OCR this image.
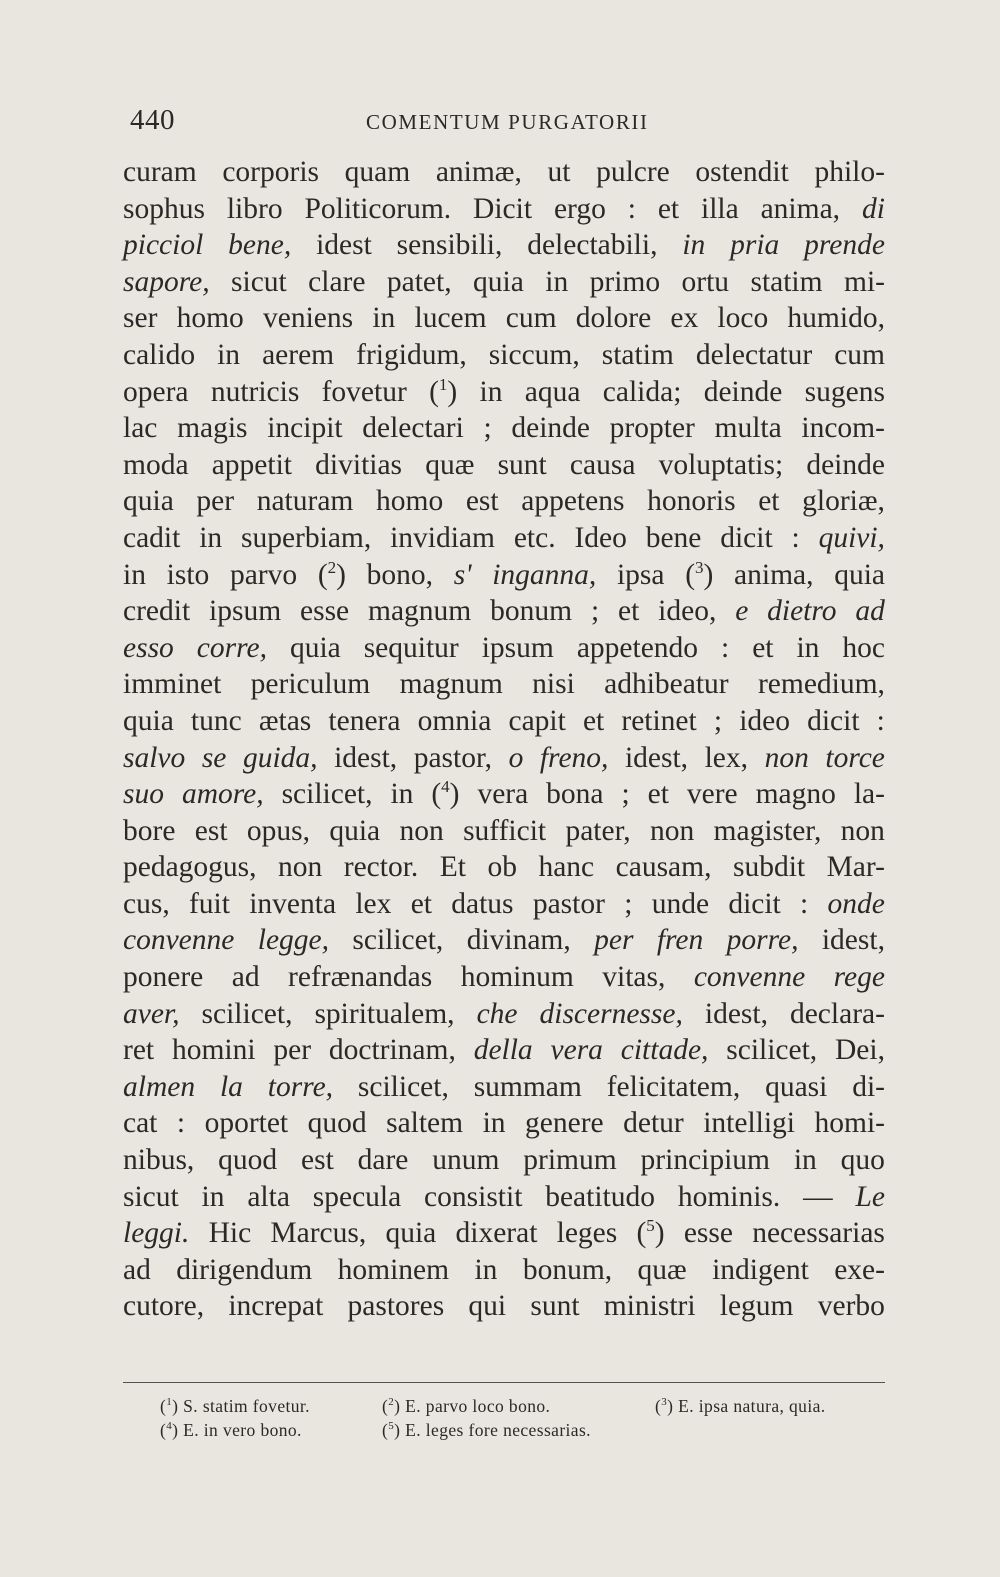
440	COMENTUM PURGATORII
curam corporis quam animæ, ut pulcre ostendit philo-
sophus libro Politicorum. Dicit ergo : et illa anima, di
picciol bene, idest sensibili, delectabili, in pria prende
sapore, sicut clare patet, quia in primo ortu statim mi-
ser homo veniens in lucem cum dolore ex loco humido,
calido in aerem frigidum, siccum, statim delectatur cum
opera nutricis fovetur ($^1$) in aqua calida; deinde sugens
lac magis incipit delectari ; deinde propter multa incom-
moda appetit divitias quæ sunt causa voluptatis; deinde
quia per naturam homo est appetens honoris et gloriæ,
cadit in superbiam, invidiam etc. Ideo bene dicit : quivi,
in isto parvo ($^2$) bono, s' inganna, ipsa ($^3$) anima, quia
credit ipsum esse magnum bonum ; et ideo, e dietro ad
esso corre, quia sequitur ipsum appetendo : et in hoc
imminet periculum magnum nisi adhibeatur remedium,
quia tunc ætas tenera omnia capit et retinet ; ideo dicit :
salvo se guida, idest, pastor, o freno, idest, lex, non torce
suo amore, scilicet, in ($^4$) vera bona ; et vere magno la-
bore est opus, quia non sufficit pater, non magister, non
pedagogus, non rector. Et ob hanc causam, subdit Mar-
cus, fuit inventa lex et datus pastor ; unde dicit : onde
convenne legge, scilicet, divinam, per fren porre, idest,
ponere ad refrænandas hominum vitas, convenne rege
aver, scilicet, spiritualem, che discernesse, idest, declara-
ret homini per doctrinam, della vera cittade, scilicet, Dei,
almen la torre, scilicet, summam felicitatem, quasi di-
cat : oportet quod saltem in genere detur intelligi homi-
nibus, quod est dare unum primum principium in quo
sicut in alta specula consistit beatitudo hominis. — Le
leggi. Hic Marcus, quia dixerat leges ($^5$) esse necessarias
ad dirigendum hominem in bonum, quæ indigent exe-
cutore, increpat pastores qui sunt ministri legum verbo
($^1$) S. statim fovetur.	($^2$) E. parvo loco bono.	($^3$) E. ipsa natura, quia.
($^4$) E. in vero bono.	($^5$) E. leges fore necessarias.
